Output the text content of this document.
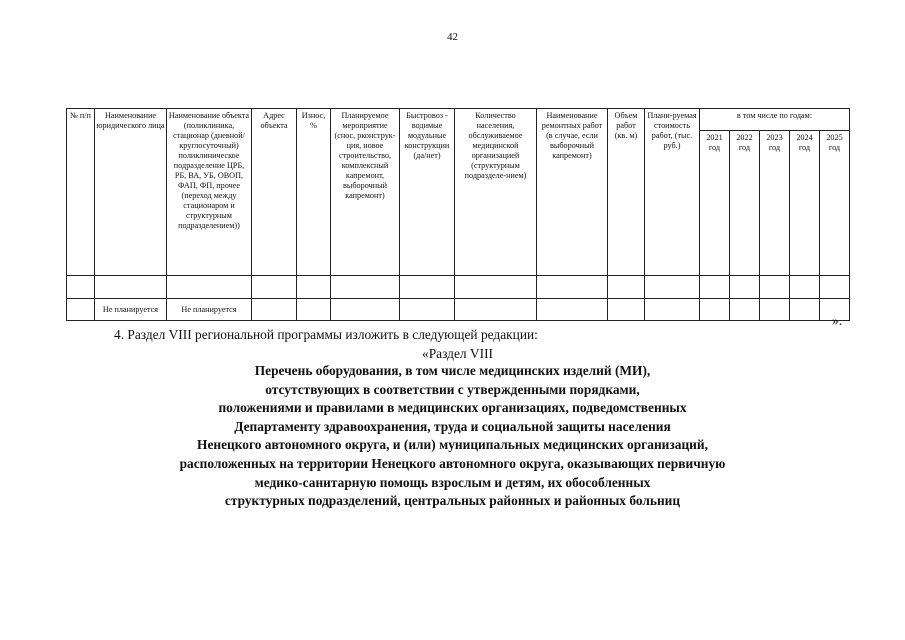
42
№ п/п	Наименование юридического лица	Наименование объекта (поликлиника, стационар (дневной/ круглосуточный) поликлиническое подразделение ЦРБ, РБ, ВА, УБ, ОВОП, ФАП, ФП, прочее (переход между стационаром и структурным подразделением))	Адрес объекта	Износ, %	Планируемое мероприятие (снос, рконструк-ция, новое строительство, комплексный капремонт, выборочный капремонт)	Быстровоз - водимые модульные конструкции (да/нет)	Количество населения, обслуживаемое медицинской организацией (структурным подразделе-нием)	Наименование ремонтных работ (в случае, если выборочный капремонт)	Объем работ (кв. м)	Плани-руемая стоимость работ, (тыс. руб.)	в том числе по годам:				
											2021 год	2022 год	2023 год	2024 год	2025 год

	Не планируется	Не планируется													
».
4. Раздел VIII региональной программы изложить в следующей редакции:
«Раздел VIII
Перечень оборудования, в том числе медицинских изделий (МИ),
отсутствующих в соответствии с утвержденными порядками,
положениями и правилами в медицинских организациях, подведомственных
Департаменту здравоохранения, труда и социальной защиты населения
Ненецкого автономного округа, и (или) муниципальных медицинских организаций,
расположенных на территории Ненецкого автономного округа, оказывающих первичную
медико-санитарную помощь взрослым и детям, их обособленных
структурных подразделений, центральных районных и районных больниц
